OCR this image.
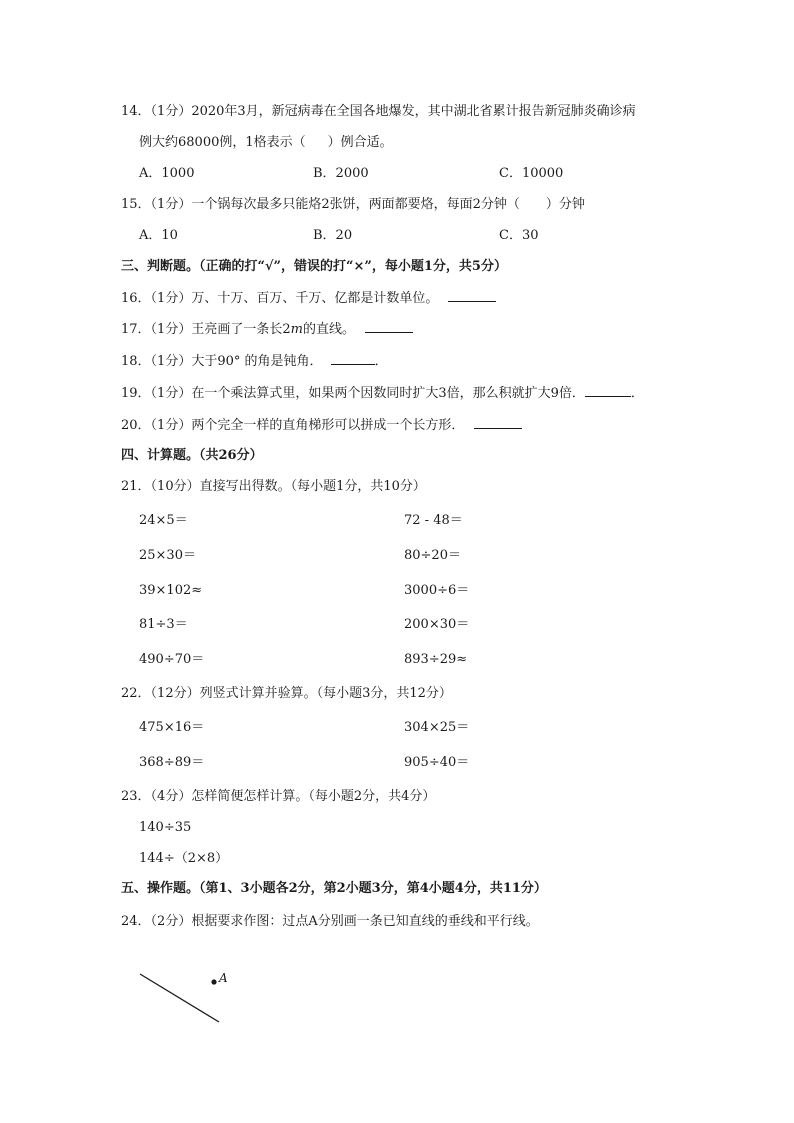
14．（1分）2020年3月，新冠病毒在全国各地爆发，其中湖北省累计报告新冠肺炎确诊病
例大约68000例，1格表示（ ）例合适。
A．1000	B．2000	C．10000
15．（1分）一个锅每次最多只能烙2张饼，两面都要烙，每面2分钟（ ）分钟
A．10	B．20	C．30
三、判断题。（正确的打“√”，错误的打“×”，每小题1分，共5分）
16．（1分）万、十万、百万、千万、亿都是计数单位。
17．（1分）王亮画了一条长2m的直线。
18．（1分）大于90° 的角是钝角．	．
19．（1分）在一个乘法算式里，如果两个因数同时扩大3倍，那么积就扩大9倍．	．
20．（1分）两个完全一样的直角梯形可以拼成一个长方形．
四、计算题。（共26分）
21．（10分）直接写出得数。（每小题1分，共10分）
24×5＝	72 - 48＝
25×30＝	80÷20＝
39×102≈	3000÷6＝
81÷3＝	200×30＝
490÷70＝	893÷29≈
22．（12分）列竖式计算并验算。（每小题3分，共12分）
475×16＝	304×25＝
368÷89＝	905÷40＝
23．（4分）怎样简便怎样计算。（每小题2分，共4分）
140÷35
144÷（2×8）
五、操作题。（第1、3小题各2分，第2小题3分，第4小题4分，共11分）
24．（2分）根据要求作图：过点A分别画一条已知直线的垂线和平行线。
A
